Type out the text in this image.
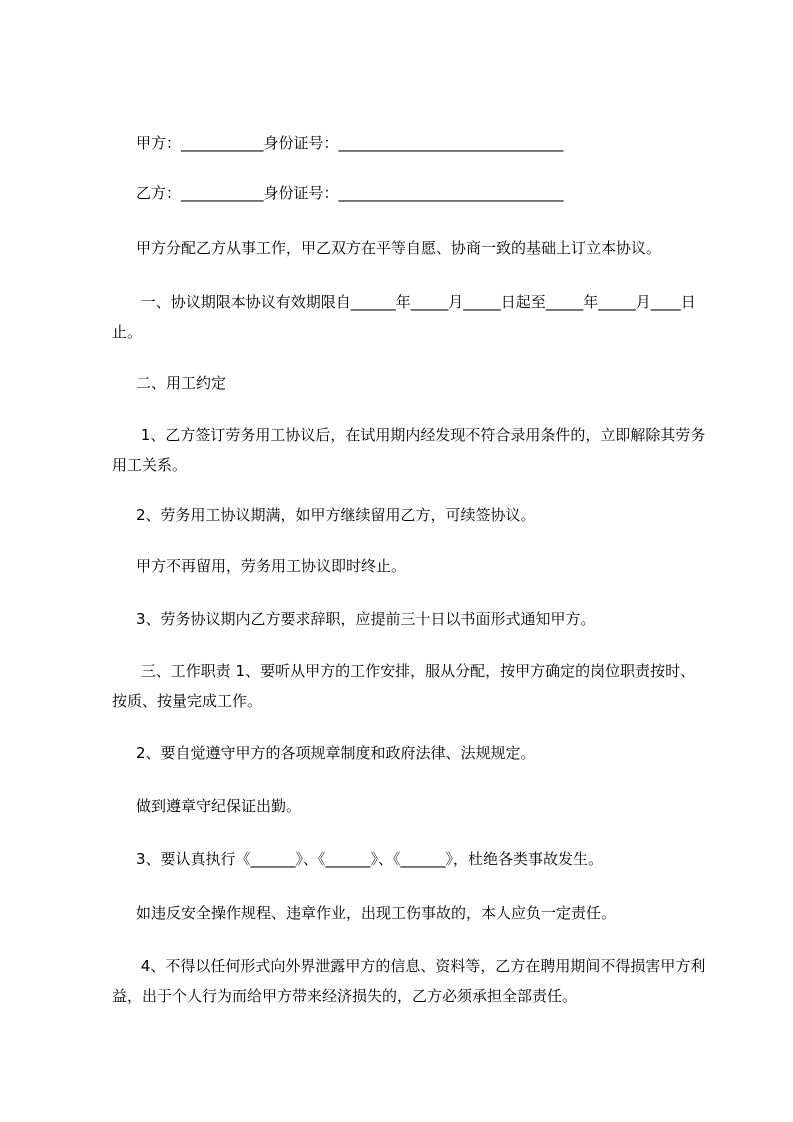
甲方：___________身份证号：______________________________

乙方：___________身份证号：______________________________

甲方分配乙方从事工作，甲乙双方在平等自愿、协商一致的基础上订立本协议。

一、协议期限本协议有效期限自______年_____月_____日起至_____年_____月____日止。

二、用工约定

1、乙方签订劳务用工协议后，在试用期内经发现不符合录用条件的，立即解除其劳务用工关系。

2、劳务用工协议期满，如甲方继续留用乙方，可续签协议。

甲方不再留用，劳务用工协议即时终止。

3、劳务协议期内乙方要求辞职，应提前三十日以书面形式通知甲方。

三、工作职责 1、要听从甲方的工作安排，服从分配，按甲方确定的岗位职责按时、按质、按量完成工作。

2、要自觉遵守甲方的各项规章制度和政府法律、法规规定。

做到遵章守纪保证出勤。

3、要认真执行《______》、《______》、《______》，杜绝各类事故发生。

如违反安全操作规程、违章作业，出现工伤事故的，本人应负一定责任。

4、不得以任何形式向外界泄露甲方的信息、资料等，乙方在聘用期间不得损害甲方利益，出于个人行为而给甲方带来经济损失的，乙方必须承担全部责任。
